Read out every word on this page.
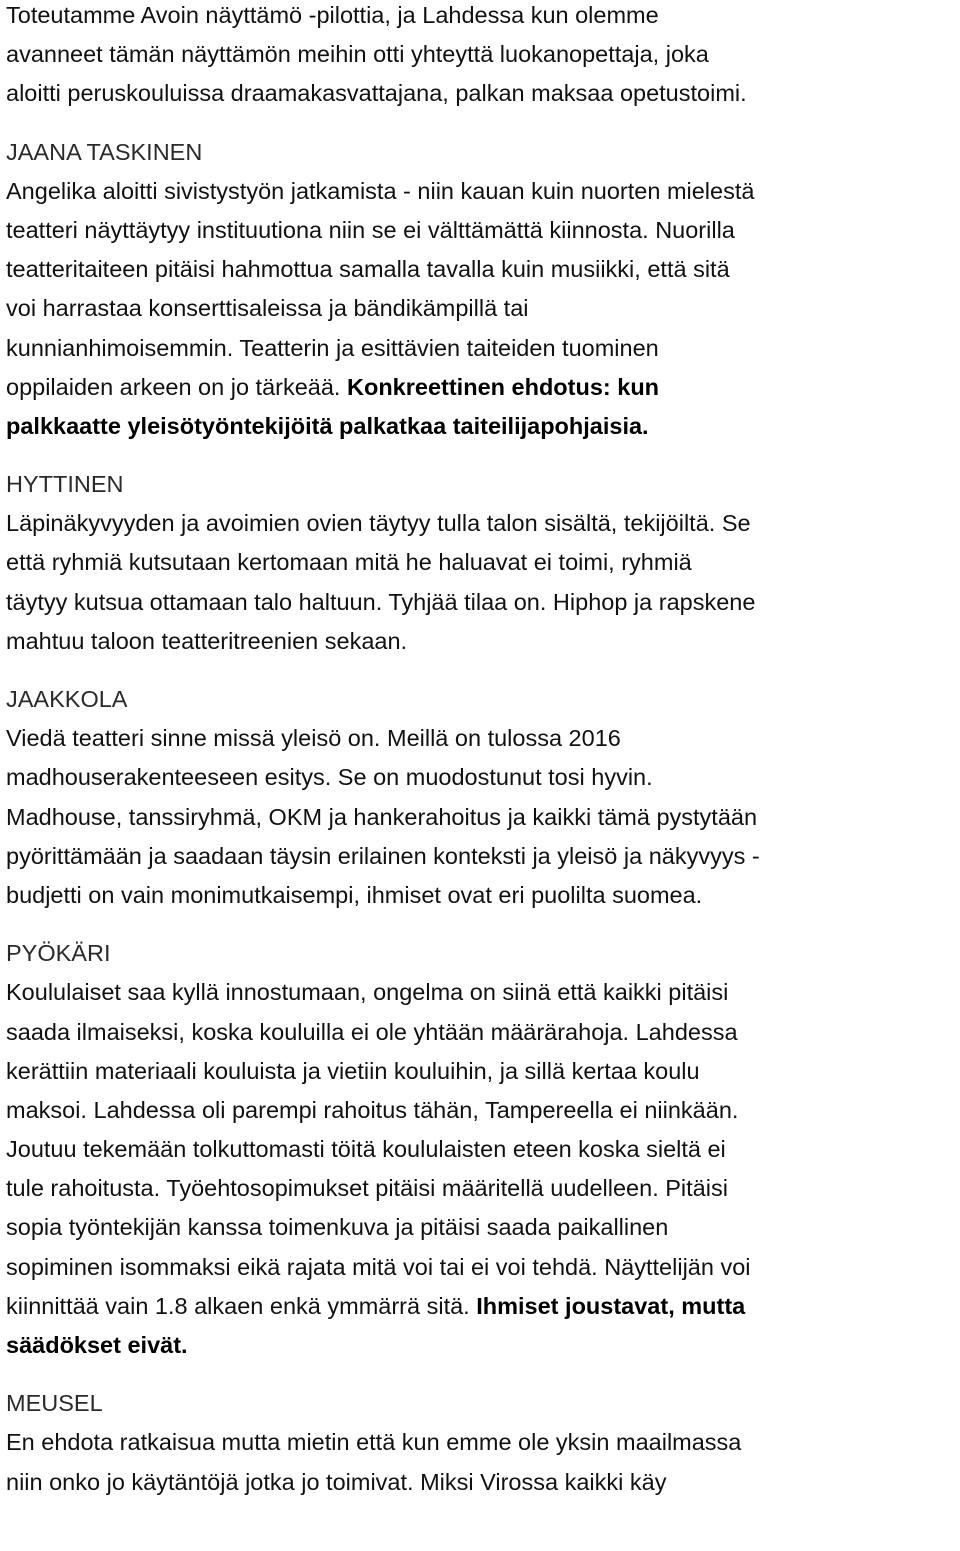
Toteutamme Avoin näyttämö -pilottia, ja Lahdessa kun olemme
avanneet tämän näyttämön meihin otti yhteyttä luokanopettaja, joka
aloitti peruskouluissa draamakasvattajana, palkan maksaa opetustoimi.
JAANA TASKINEN
Angelika aloitti sivistystyön jatkamista - niin kauan kuin nuorten mielestä
teatteri näyttäytyy instituutiona niin se ei välttämättä kiinnosta. Nuorilla
teatteritaiteen pitäisi hahmottua samalla tavalla kuin musiikki, että sitä
voi harrastaa konserttisaleissa ja bändikämpillä tai
kunnianhimoisemmin. Teatterin ja esittävien taiteiden tuominen
oppilaiden arkeen on jo tärkeää. Konkreettinen ehdotus: kun
palkkaatte yleisötyöntekijöitä palkatkaa taiteilijapohjaisia.
HYTTINEN
Läpinäkyvyyden ja avoimien ovien täytyy tulla talon sisältä, tekijöiltä. Se
että ryhmiä kutsutaan kertomaan mitä he haluavat ei toimi, ryhmiä
täytyy kutsua ottamaan talo haltuun. Tyhjää tilaa on. Hiphop ja rapskene
mahtuu taloon teatteritreenien sekaan.
JAAKKOLA
Viedä teatteri sinne missä yleisö on. Meillä on tulossa 2016
madhouserakenteeseen esitys. Se on muodostunut tosi hyvin.
Madhouse, tanssiryhmä, OKM ja hankerahoitus ja kaikki tämä pystytään
pyörittämään ja saadaan täysin erilainen konteksti ja yleisö ja näkyvyys -
budjetti on vain monimutkaisempi, ihmiset ovat eri puolilta suomea.
PYÖKÄRI
Koululaiset saa kyllä innostumaan, ongelma on siinä että kaikki pitäisi
saada ilmaiseksi, koska kouluilla ei ole yhtään määrärahoja. Lahdessa
kerättiin materiaali kouluista ja vietiin kouluihin, ja sillä kertaa koulu
maksoi. Lahdessa oli parempi rahoitus tähän, Tampereella ei niinkään.
Joutuu tekemään tolkuttomasti töitä koululaisten eteen koska sieltä ei
tule rahoitusta. Työehtosopimukset pitäisi määritellä uudelleen. Pitäisi
sopia työntekijän kanssa toimenkuva ja pitäisi saada paikallinen
sopiminen isommaksi eikä rajata mitä voi tai ei voi tehdä. Näyttelijän voi
kiinnittää vain 1.8 alkaen enkä ymmärrä sitä. Ihmiset joustavat, mutta
säädökset eivät.
MEUSEL
En ehdota ratkaisua mutta mietin että kun emme ole yksin maailmassa
niin onko jo käytäntöjä jotka jo toimivat. Miksi Virossa kaikki käy
